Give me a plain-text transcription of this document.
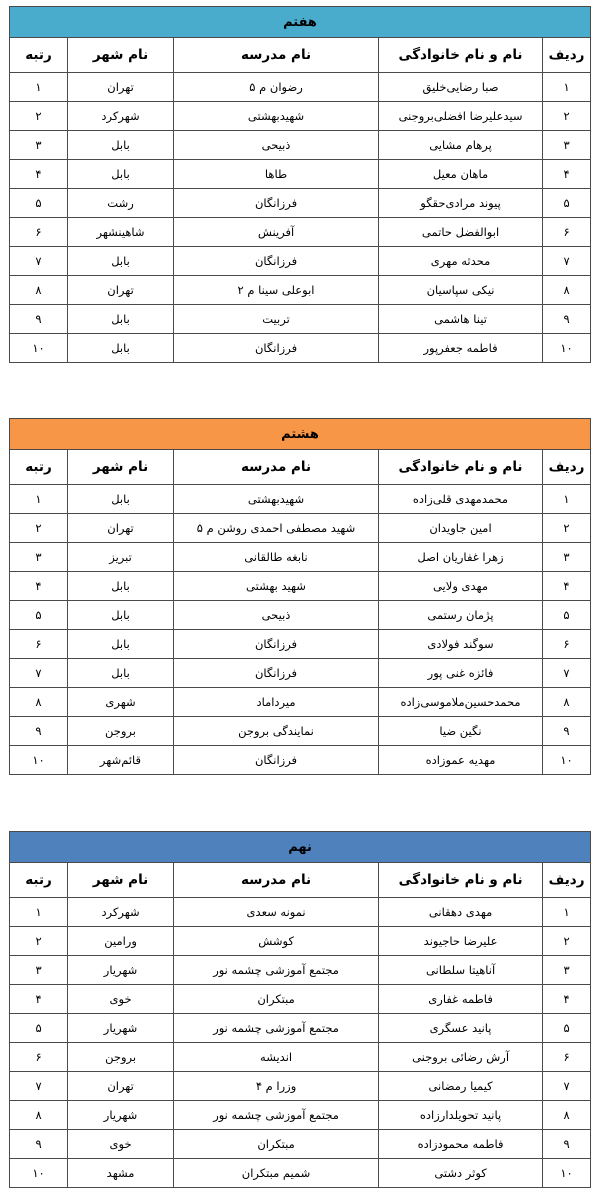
هفتم				
ردیف	نام و نام خانوادگی	نام مدرسه	نام شهر	رتبه
۱	صبا رضایی‌خلیق	رضوان م ۵	تهران	۱
۲	سیدعلیرضا افضلی‌بروجنی	شهیدبهشتی	شهرکرد	۲
۳	پرهام مشایی	ذبیحی	بابل	۳
۴	ماهان معیل	طاها	بابل	۴
۵	پیوند مرادی‌حقگو	فرزانگان	رشت	۵
۶	ابوالفضل حاتمی	آفرینش	شاهینشهر	۶
۷	محدثه مهری	فرزانگان	بابل	۷
۸	نیکی سپاسیان	ابوعلی سینا م ۲	تهران	۸
۹	تینا هاشمی	تربیت	بابل	۹
۱۰	فاطمه جعفرپور	فرزانگان	بابل	۱۰
هشتم				
ردیف	نام و نام خانوادگی	نام مدرسه	نام شهر	رتبه
۱	محمدمهدی قلی‌زاده	شهیدبهشتی	بابل	۱
۲	امین جاویدان	شهید مصطفی احمدی روشن م ۵	تهران	۲
۳	زهرا غفاریان اصل	نابغه طالقانی	تبریز	۳
۴	مهدی ولایی	شهید بهشتی	بابل	۴
۵	پژمان رستمی	ذبیحی	بابل	۵
۶	سوگند فولادی	فرزانگان	بابل	۶
۷	فائزه غنی پور	فرزانگان	بابل	۷
۸	محمدحسین‌ملاموسی‌زاده	میرداماد	شهری	۸
۹	نگین ضیا	نمایندگی بروجن	بروجن	۹
۱۰	مهدیه عموزاده	فرزانگان	قائم‌شهر	۱۰
نهم				
ردیف	نام و نام خانوادگی	نام مدرسه	نام شهر	رتبه
۱	مهدی دهقانی	نمونه سعدی	شهرکرد	۱
۲	علیرضا حاجیوند	کوشش	ورامین	۲
۳	آناهیتا سلطانی	مجتمع آموزشی چشمه نور	شهریار	۳
۴	فاطمه غفاری	مبتکران	خوی	۴
۵	پانید عسگری	مجتمع آموزشی چشمه نور	شهریار	۵
۶	آرش رضائی بروجنی	اندیشه	بروجن	۶
۷	کیمیا رمضانی	وزرا م ۴	تهران	۷
۸	پانید تحویلدارزاده	مجتمع آموزشی چشمه نور	شهریار	۸
۹	فاطمه محمودزاده	مبتکران	خوی	۹
۱۰	کوثر دشتی	شمیم مبتکران	مشهد	۱۰
